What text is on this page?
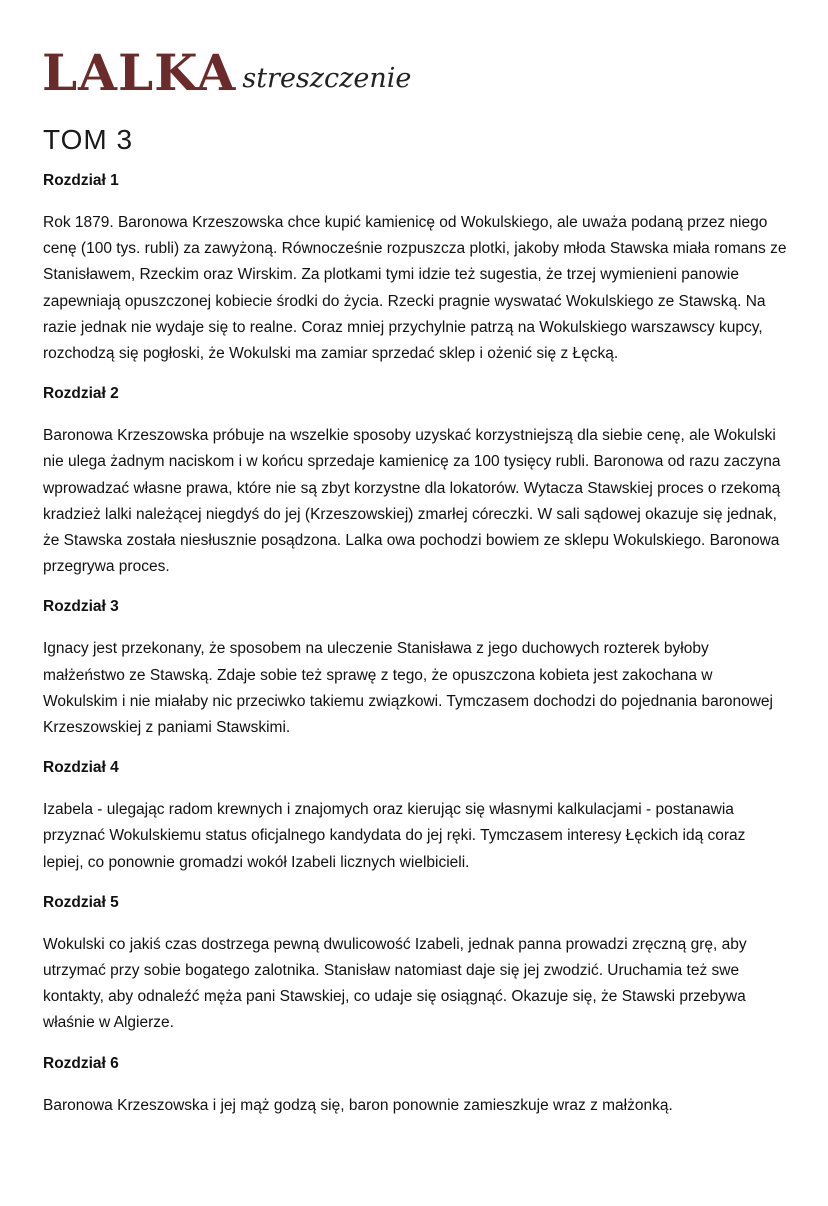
LALKA streszczenie
TOM 3
Rozdział 1

Rok 1879. Baronowa Krzeszowska chce kupić kamienicę od Wokulskiego, ale uważa podaną przez niego cenę (100 tys. rubli) za zawyżoną. Równocześnie rozpuszcza plotki, jakoby młoda Stawska miała romans ze Stanisławem, Rzeckim oraz Wirskim. Za plotkami tymi idzie też sugestia, że trzej wymienieni panowie zapewniają opuszczonej kobiecie środki do życia. Rzecki pragnie wyswatać Wokulskiego ze Stawską. Na razie jednak nie wydaje się to realne. Coraz mniej przychylnie patrzą na Wokulskiego warszawscy kupcy, rozchodzą się pogłoski, że Wokulski ma zamiar sprzedać sklep i ożenić się z Łęcką.

Rozdział 2

Baronowa Krzeszowska próbuje na wszelkie sposoby uzyskać korzystniejszą dla siebie cenę, ale Wokulski nie ulega żadnym naciskom i w końcu sprzedaje kamienicę za 100 tysięcy rubli. Baronowa od razu zaczyna wprowadzać własne prawa, które nie są zbyt korzystne dla lokatorów. Wytacza Stawskiej proces o rzekomą kradzież lalki należącej niegdyś do jej (Krzeszowskiej) zmarłej córeczki. W sali sądowej okazuje się jednak, że Stawska została niesłusznie posądzona. Lalka owa pochodzi bowiem ze sklepu Wokulskiego. Baronowa przegrywa proces.

Rozdział 3

Ignacy jest przekonany, że sposobem na uleczenie Stanisława z jego duchowych rozterek byłoby małżeństwo ze Stawską. Zdaje sobie też sprawę z tego, że opuszczona kobieta jest zakochana w Wokulskim i nie miałaby nic przeciwko takiemu związkowi. Tymczasem dochodzi do pojednania baronowej Krzeszowskiej z paniami Stawskimi.

Rozdział 4

Izabela - ulegając radom krewnych i znajomych oraz kierując się własnymi kalkulacjami - postanawia przyznać Wokulskiemu status oficjalnego kandydata do jej ręki. Tymczasem interesy Łęckich idą coraz lepiej, co ponownie gromadzi wokół Izabeli licznych wielbicieli.

Rozdział 5

Wokulski co jakiś czas dostrzega pewną dwulicowość Izabeli, jednak panna prowadzi zręczną grę, aby utrzymać przy sobie bogatego zalotnika. Stanisław natomiast daje się jej zwodzić. Uruchamia też swe kontakty, aby odnaleźć męża pani Stawskiej, co udaje się osiągnąć. Okazuje się, że Stawski przebywa właśnie w Algierze.

Rozdział 6

Baronowa Krzeszowska i jej mąż godzą się, baron ponownie zamieszkuje wraz z małżonką.
